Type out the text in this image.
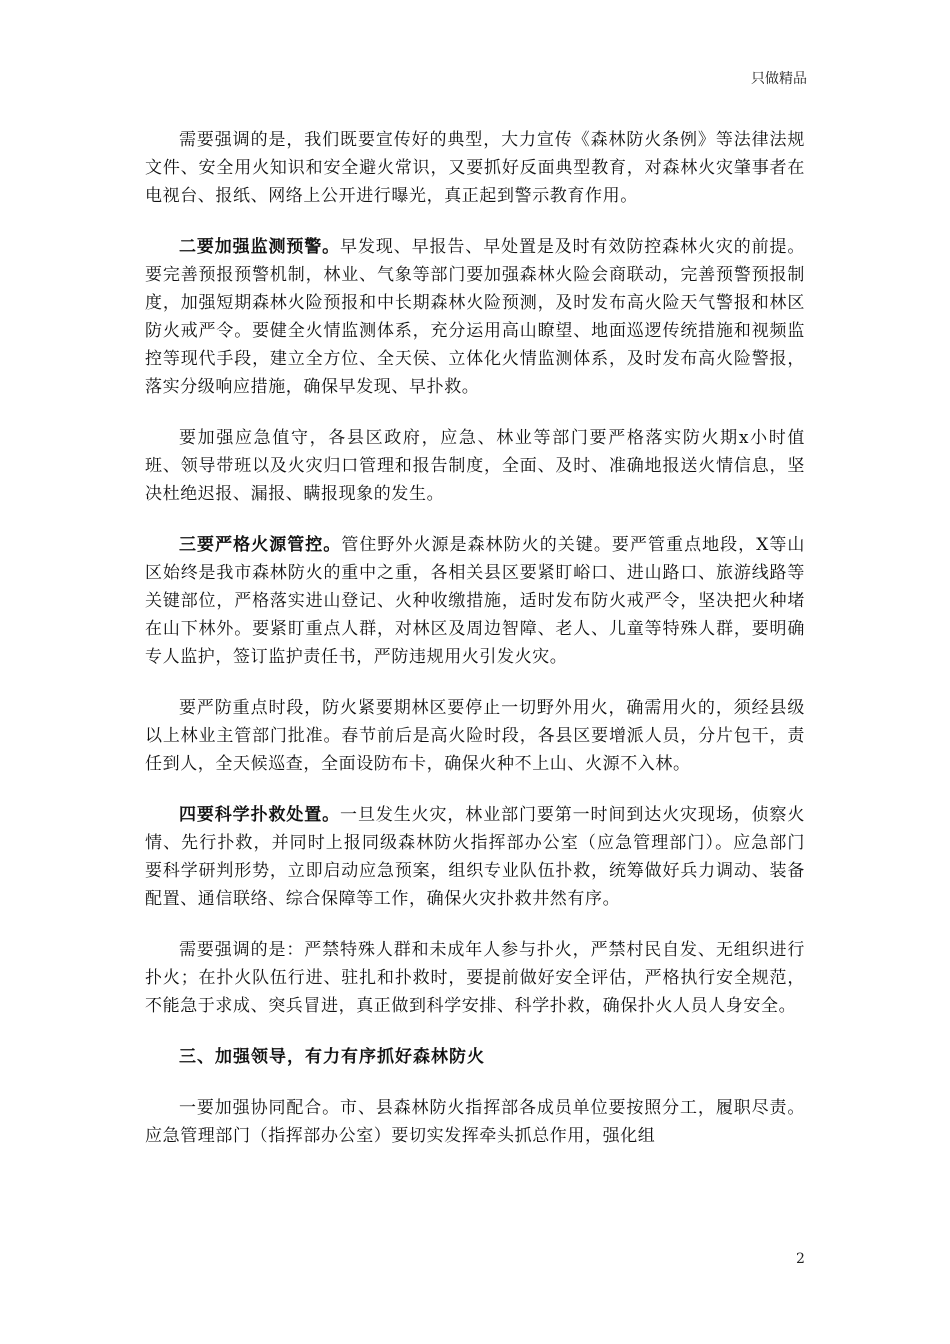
只做精品

需要强调的是，我们既要宣传好的典型，大力宣传《森林防火条例》等法律法规文件、安全用火知识和安全避火常识，又要抓好反面典型教育，对森林火灾肇事者在电视台、报纸、网络上公开进行曝光，真正起到警示教育作用。

二要加强监测预警。早发现、早报告、早处置是及时有效防控森林火灾的前提。要完善预报预警机制，林业、气象等部门要加强森林火险会商联动，完善预警预报制度，加强短期森林火险预报和中长期森林火险预测，及时发布高火险天气警报和林区防火戒严令。要健全火情监测体系，充分运用高山瞭望、地面巡逻传统措施和视频监控等现代手段，建立全方位、全天侯、立体化火情监测体系，及时发布高火险警报，落实分级响应措施，确保早发现、早扑救。

要加强应急值守，各县区政府，应急、林业等部门要严格落实防火期x小时值班、领导带班以及火灾归口管理和报告制度，全面、及时、准确地报送火情信息，坚决杜绝迟报、漏报、瞒报现象的发生。

三要严格火源管控。管住野外火源是森林防火的关键。要严管重点地段，X等山区始终是我市森林防火的重中之重，各相关县区要紧盯峪口、进山路口、旅游线路等关键部位，严格落实进山登记、火种收缴措施，适时发布防火戒严令，坚决把火种堵在山下林外。要紧盯重点人群，对林区及周边智障、老人、儿童等特殊人群，要明确专人监护，签订监护责任书，严防违规用火引发火灾。

要严防重点时段，防火紧要期林区要停止一切野外用火，确需用火的，须经县级以上林业主管部门批准。春节前后是高火险时段，各县区要增派人员，分片包干，责任到人，全天候巡查，全面设防布卡，确保火种不上山、火源不入林。

四要科学扑救处置。一旦发生火灾，林业部门要第一时间到达火灾现场，侦察火情、先行扑救，并同时上报同级森林防火指挥部办公室（应急管理部门）。应急部门要科学研判形势，立即启动应急预案，组织专业队伍扑救，统筹做好兵力调动、装备配置、通信联络、综合保障等工作，确保火灾扑救井然有序。

需要强调的是：严禁特殊人群和未成年人参与扑火，严禁村民自发、无组织进行扑火；在扑火队伍行进、驻扎和扑救时，要提前做好安全评估，严格执行安全规范，不能急于求成、突兵冒进，真正做到科学安排、科学扑救，确保扑火人员人身安全。

三、加强领导，有力有序抓好森林防火

一要加强协同配合。市、县森林防火指挥部各成员单位要按照分工，履职尽责。应急管理部门（指挥部办公室）要切实发挥牵头抓总作用，强化组

2
